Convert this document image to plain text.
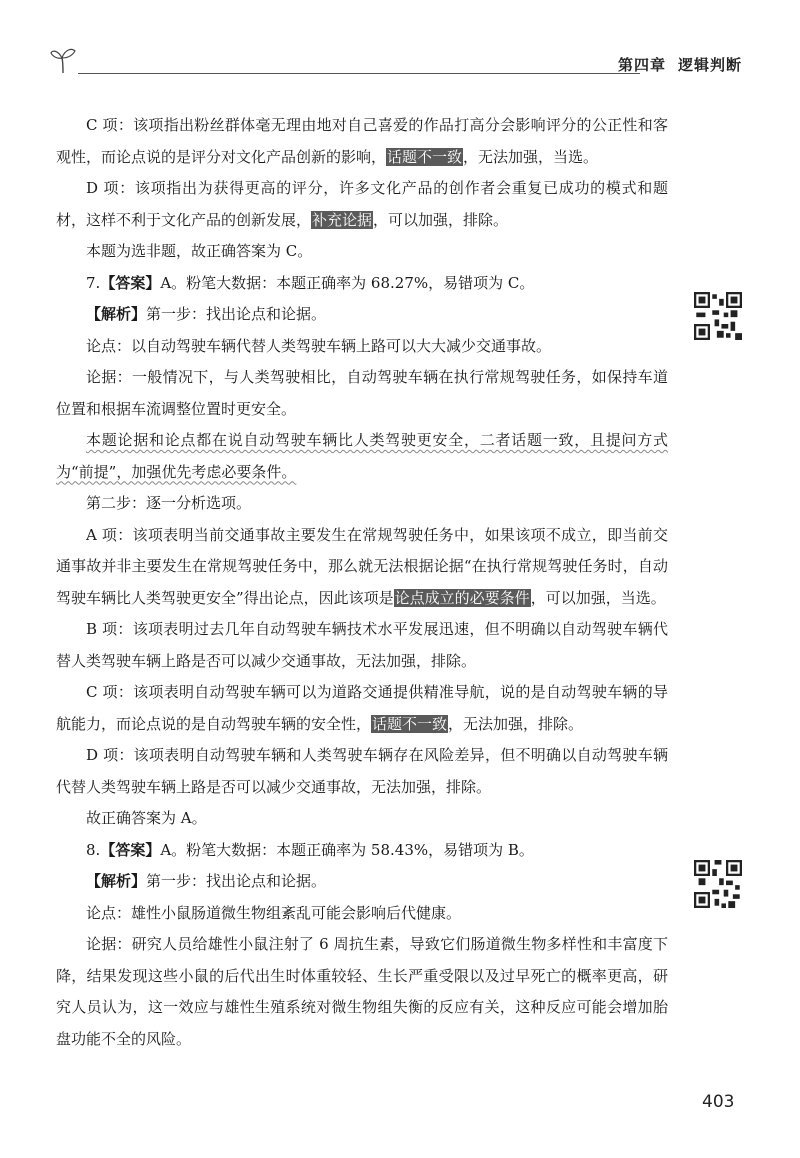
第四章 逻辑判断

C 项：该项指出粉丝群体毫无理由地对自己喜爱的作品打高分会影响评分的公正性和客观性，而论点说的是评分对文化产品创新的影响，话题不一致，无法加强，当选。

D 项：该项指出为获得更高的评分，许多文化产品的创作者会重复已成功的模式和题材，这样不利于文化产品的创新发展，补充论据，可以加强，排除。

本题为选非题，故正确答案为 C。

7.【答案】A。粉笔大数据：本题正确率为 68.27%，易错项为 C。

【解析】第一步：找出论点和论据。

论点：以自动驾驶车辆代替人类驾驶车辆上路可以大大减少交通事故。

论据：一般情况下，与人类驾驶相比，自动驾驶车辆在执行常规驾驶任务，如保持车道位置和根据车流调整位置时更安全。

本题论据和论点都在说自动驾驶车辆比人类驾驶更安全，二者话题一致，且提问方式为“前提”，加强优先考虑必要条件。

第二步：逐一分析选项。

A 项：该项表明当前交通事故主要发生在常规驾驶任务中，如果该项不成立，即当前交通事故并非主要发生在常规驾驶任务中，那么就无法根据论据“在执行常规驾驶任务时，自动驾驶车辆比人类驾驶更安全”得出论点，因此该项是论点成立的必要条件，可以加强，当选。

B 项：该项表明过去几年自动驾驶车辆技术水平发展迅速，但不明确以自动驾驶车辆代替人类驾驶车辆上路是否可以减少交通事故，无法加强，排除。

C 项：该项表明自动驾驶车辆可以为道路交通提供精准导航，说的是自动驾驶车辆的导航能力，而论点说的是自动驾驶车辆的安全性，话题不一致，无法加强，排除。

D 项：该项表明自动驾驶车辆和人类驾驶车辆存在风险差异，但不明确以自动驾驶车辆代替人类驾驶车辆上路是否可以减少交通事故，无法加强，排除。

故正确答案为 A。

8.【答案】A。粉笔大数据：本题正确率为 58.43%，易错项为 B。

【解析】第一步：找出论点和论据。

论点：雄性小鼠肠道微生物组紊乱可能会影响后代健康。

论据：研究人员给雄性小鼠注射了 6 周抗生素，导致它们肠道微生物多样性和丰富度下降，结果发现这些小鼠的后代出生时体重较轻、生长严重受限以及过早死亡的概率更高，研究人员认为，这一效应与雄性生殖系统对微生物组失衡的反应有关，这种反应可能会增加胎盘功能不全的风险。

403
